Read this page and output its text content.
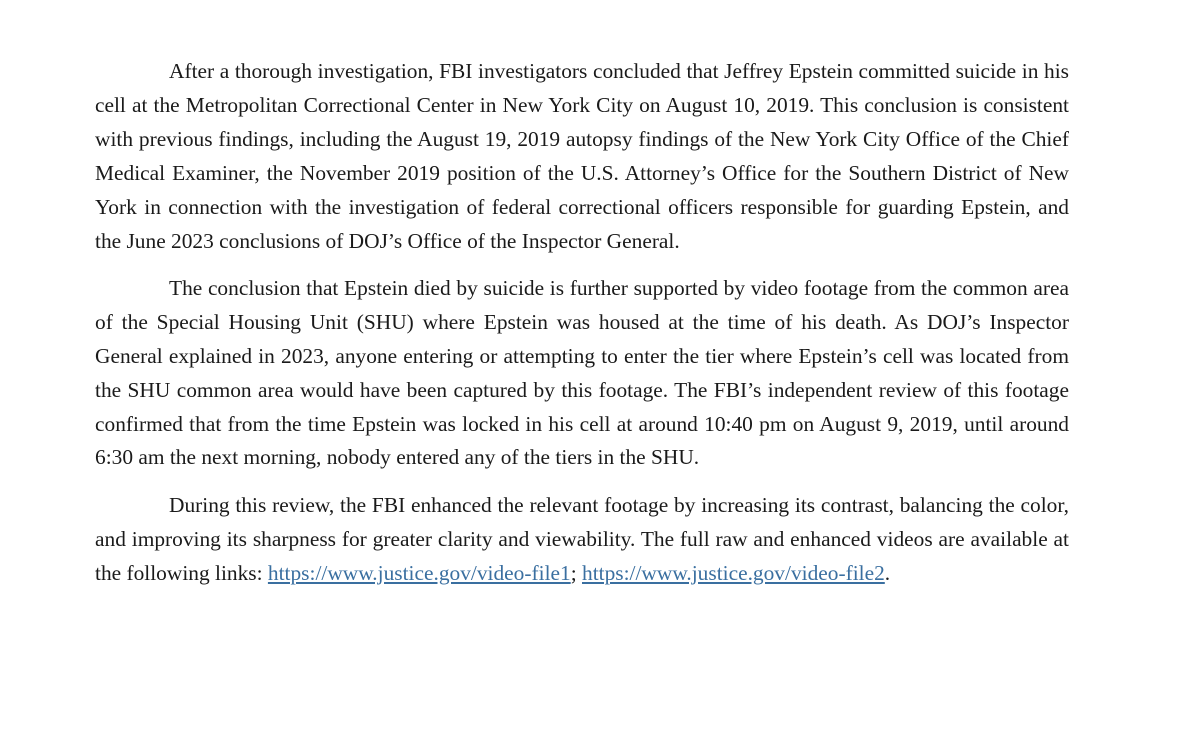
After a thorough investigation, FBI investigators concluded that Jeffrey Epstein committed suicide in his cell at the Metropolitan Correctional Center in New York City on August 10, 2019. This conclusion is consistent with previous findings, including the August 19, 2019 autopsy findings of the New York City Office of the Chief Medical Examiner, the November 2019 position of the U.S. Attorney’s Office for the Southern District of New York in connection with the investigation of federal correctional officers responsible for guarding Epstein, and the June 2023 conclusions of DOJ’s Office of the Inspector General.

The conclusion that Epstein died by suicide is further supported by video footage from the common area of the Special Housing Unit (SHU) where Epstein was housed at the time of his death. As DOJ’s Inspector General explained in 2023, anyone entering or attempting to enter the tier where Epstein’s cell was located from the SHU common area would have been captured by this footage. The FBI’s independent review of this footage confirmed that from the time Epstein was locked in his cell at around 10:40 pm on August 9, 2019, until around 6:30 am the next morning, nobody entered any of the tiers in the SHU.

During this review, the FBI enhanced the relevant footage by increasing its contrast, balancing the color, and improving its sharpness for greater clarity and viewability. The full raw and enhanced videos are available at the following links: https://www.justice.gov/video-file1; https://www.justice.gov/video-file2.
